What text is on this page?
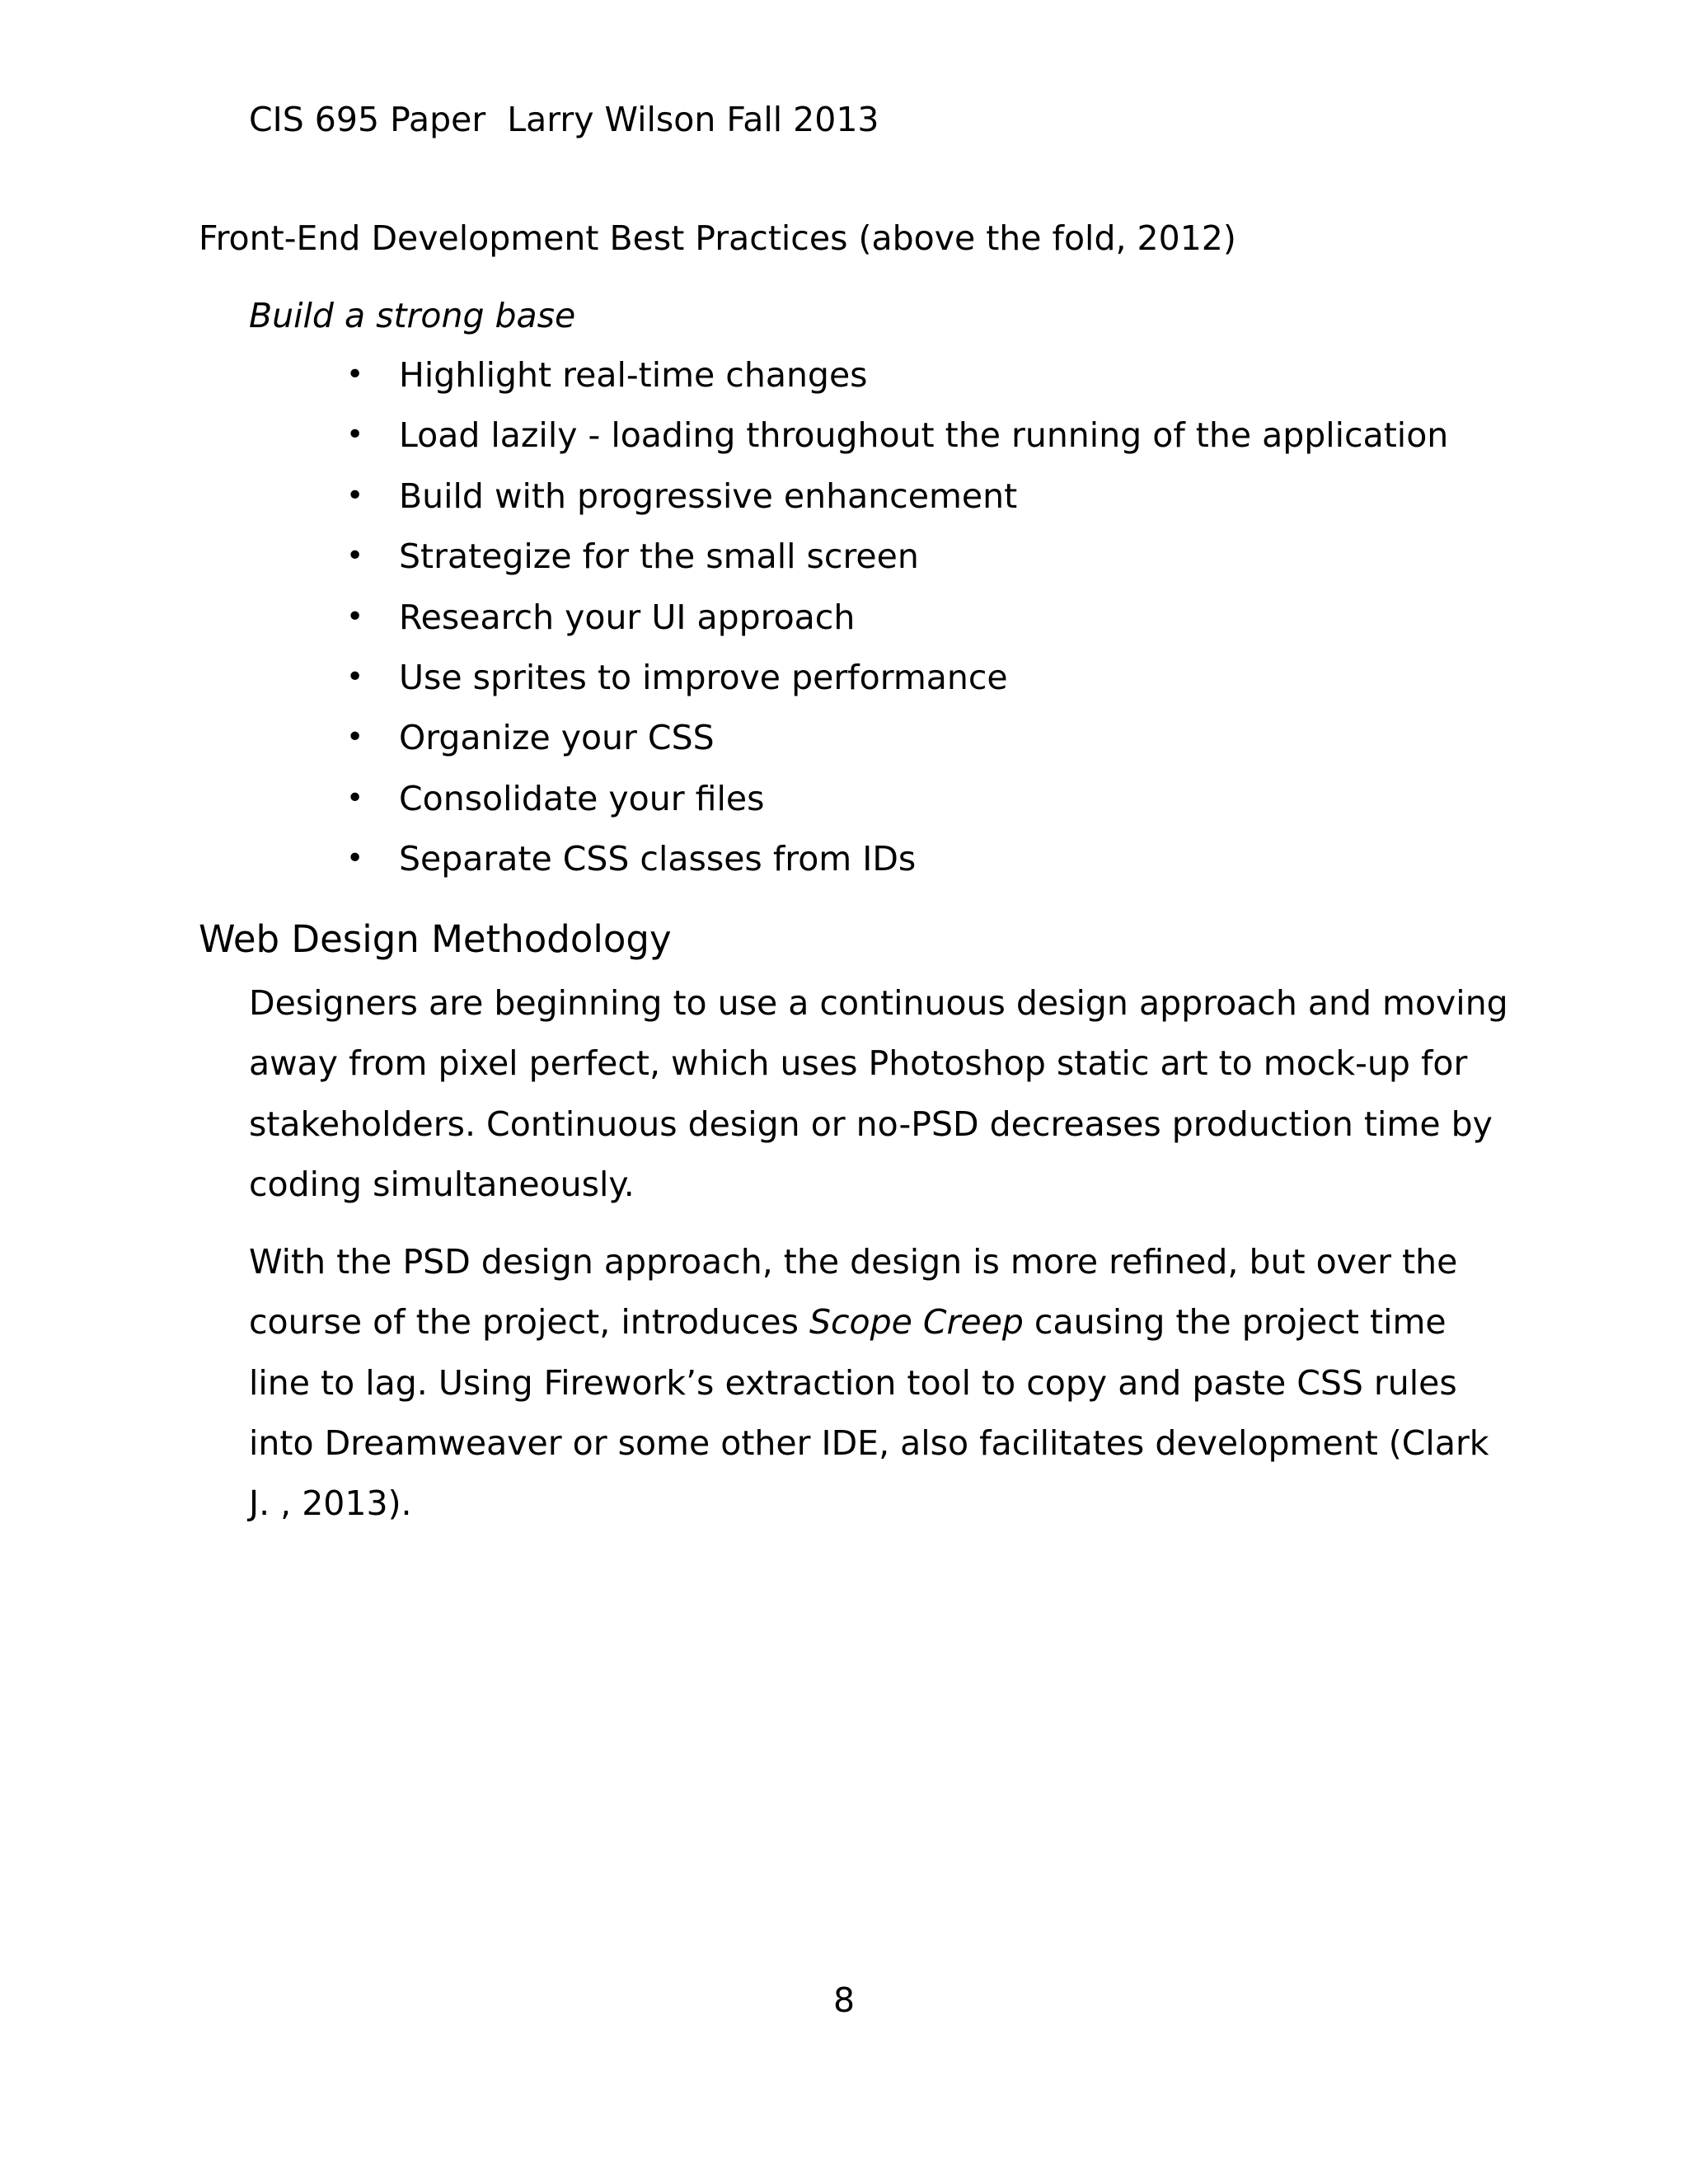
CIS 695 Paper  Larry Wilson Fall 2013
Front-End Development Best Practices (above the fold, 2012)
Build a strong base
• Highlight real-time changes
• Load lazily - loading throughout the running of the application
• Build with progressive enhancement
• Strategize for the small screen
• Research your UI approach
• Use sprites to improve performance
• Organize your CSS
• Consolidate your files
• Separate CSS classes from IDs
Web Design Methodology

Designers are beginning to use a continuous design approach and moving
away from pixel perfect, which uses Photoshop static art to mock-up for
stakeholders. Continuous design or no-PSD decreases production time by
coding simultaneously.

With the PSD design approach, the design is more refined, but over the
course of the project, introduces Scope Creep causing the project time
line to lag. Using Firework’s extraction tool to copy and paste CSS rules
into Dreamweaver or some other IDE, also facilitates development (Clark
J. , 2013).

8
